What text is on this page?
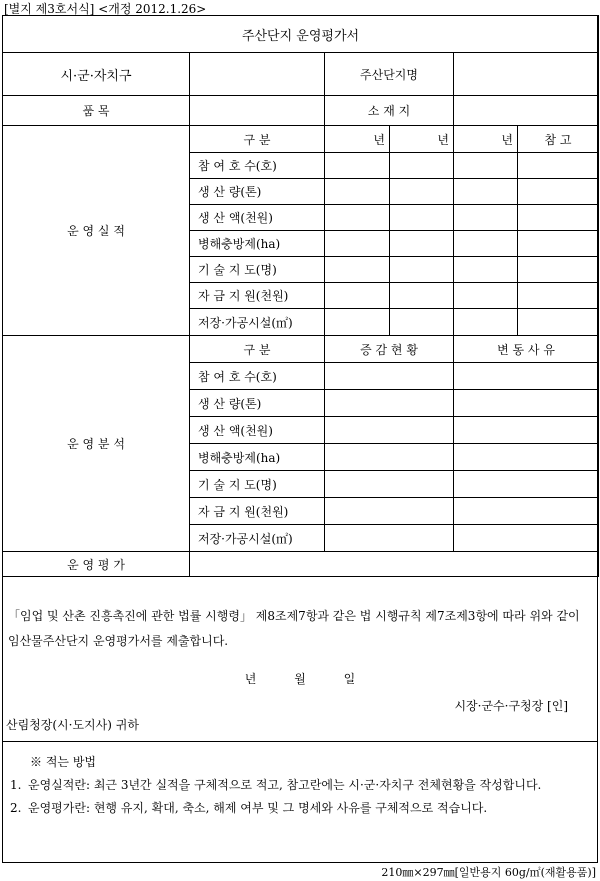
[별지 제3호서식] <개정 2012.1.26>
주산단지 운영평가서					
시·군·자치구		주산단지명			
품 목		소 재 지			
운 영 실 적	구 분	년	년	년	참 고
	참 여 호 수(호)				
	생 산 량(톤)				
	생 산 액(천원)				
	병해충방제(ha)				
	기 술 지 도(명)				
	자 금 지 원(천원)				
	저장·가공시설(㎡)				
운 영 분 석	구 분	증 감 현 황		변 동 사 유	
	참 여 호 수(호)				
	생 산 량(톤)				
	생 산 액(천원)				
	병해충방제(ha)				
	기 술 지 도(명)				
	자 금 지 원(천원)				
	저장·가공시설(㎡)				
운 영 평 가					
「임업 및 산촌 진흥촉진에 관한 법률 시행령」 제8조제7항과 같은 법 시행규칙 제7조제3항에 따라 위와 같이 임산물주산단지 운영평가서를 제출합니다.
년 월 일
시장·군수·구청장 [인]
산림청장(시·도지사) 귀하
※ 적는 방법
1. 운영실적란: 최근 3년간 실적을 구체적으로 적고, 참고란에는 시·군·자치구 전체현황을 작성합니다.
2. 운영평가란: 현행 유지, 확대, 축소, 해제 여부 및 그 명세와 사유를 구체적으로 적습니다.
210㎜×297㎜[일반용지 60g/㎡(재활용품)]
